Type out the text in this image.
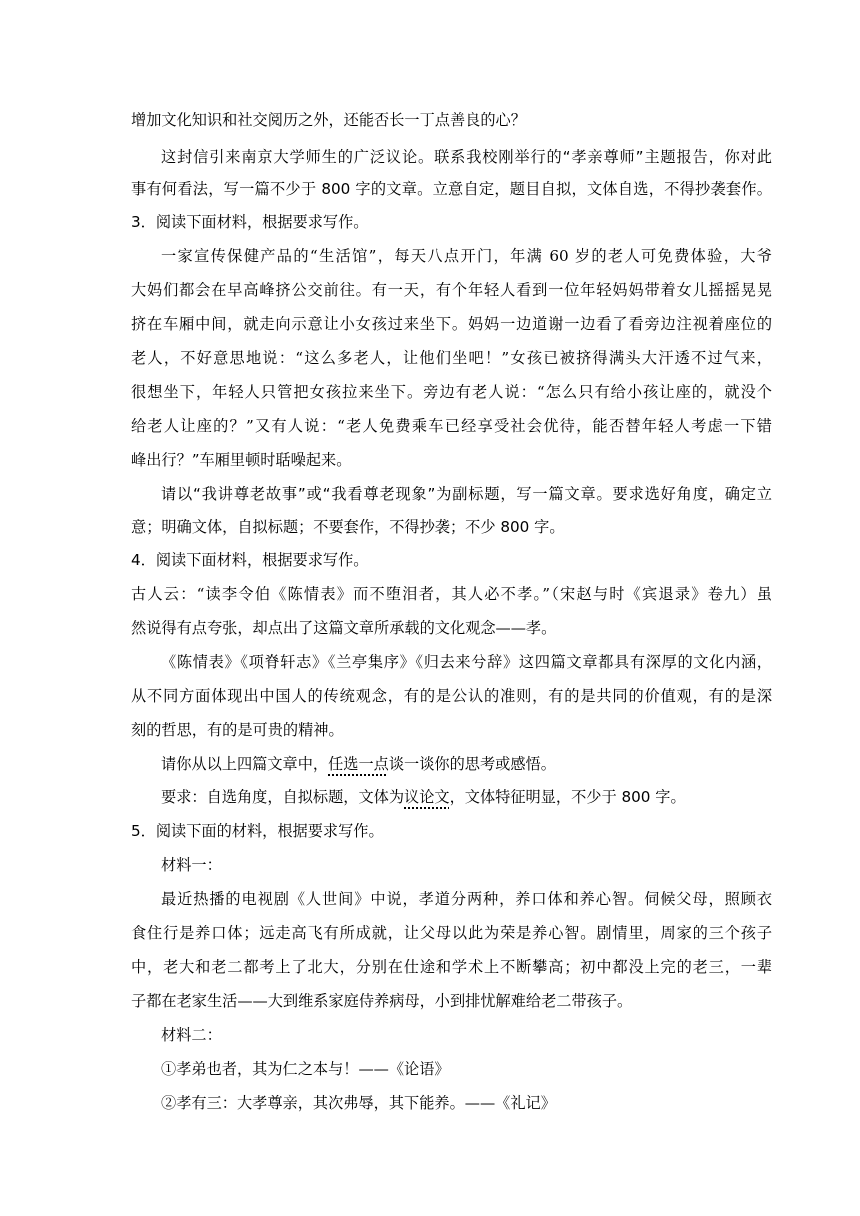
增加文化知识和社交阅历之外，还能否长一丁点善良的心？

这封信引来南京大学师生的广泛议论。联系我校刚举行的“孝亲尊师”主题报告，你对此

事有何看法，写一篇不少于 800 字的文章。立意自定，题目自拟，文体自选，不得抄袭套作。

3．阅读下面材料，根据要求写作。

一家宣传保健产品的“生活馆”，每天八点开门，年满 60 岁的老人可免费体验，大爷

大妈们都会在早高峰挤公交前往。有一天，有个年轻人看到一位年轻妈妈带着女儿摇摇晃晃

挤在车厢中间，就走向示意让小女孩过来坐下。妈妈一边道谢一边看了看旁边注视着座位的

老人，不好意思地说：“这么多老人，让他们坐吧！”女孩已被挤得满头大汗透不过气来，

很想坐下，年轻人只管把女孩拉来坐下。旁边有老人说：“怎么只有给小孩让座的，就没个

给老人让座的？”又有人说：“老人免费乘车已经享受社会优待，能否替年轻人考虑一下错

峰出行？”车厢里顿时聒噪起来。

请以“我讲尊老故事”或“我看尊老现象”为副标题，写一篇文章。要求选好角度，确定立

意；明确文体，自拟标题；不要套作，不得抄袭；不少 800 字。

4．阅读下面材料，根据要求写作。

古人云：“读李令伯《陈情表》而不堕泪者，其人必不孝。”（宋赵与时《宾退录》卷九）虽

然说得有点夸张，却点出了这篇文章所承载的文化观念——孝。

《陈情表》《项脊轩志》《兰亭集序》《归去来兮辞》这四篇文章都具有深厚的文化内涵，

从不同方面体现出中国人的传统观念，有的是公认的准则，有的是共同的价值观，有的是深

刻的哲思，有的是可贵的精神。

请你从以上四篇文章中，任选一点谈一谈你的思考或感悟。

要求：自选角度，自拟标题，文体为议论文，文体特征明显，不少于 800 字。

5．阅读下面的材料，根据要求写作。

材料一：

最近热播的电视剧《人世间》中说，孝道分两种，养口体和养心智。伺候父母，照顾衣

食住行是养口体；远走高飞有所成就，让父母以此为荣是养心智。剧情里，周家的三个孩子

中，老大和老二都考上了北大，分别在仕途和学术上不断攀高；初中都没上完的老三，一辈

子都在老家生活——大到维系家庭侍养病母，小到排忧解难给老二带孩子。

材料二：

①孝弟也者，其为仁之本与！——《论语》

②孝有三：大孝尊亲，其次弗辱，其下能养。——《礼记》
